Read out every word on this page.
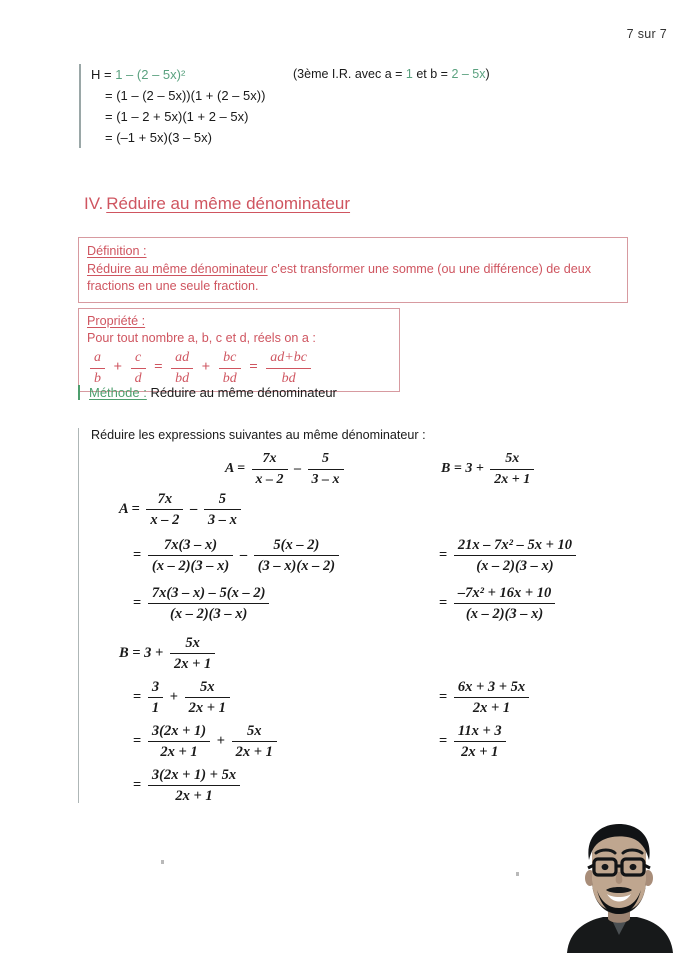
7 sur 7
H = 1 – (2 – 5x)²
= (1 – (2 – 5x))(1 + (2 – 5x))
= (1 – 2 + 5x)(1 + 2 – 5x)
= (–1 + 5x)(3 – 5x)
(3ème I.R. avec a = 1 et b = 2 – 5x)
IV. Réduire au même dénominateur
Définition :
Réduire au même dénominateur c'est transformer une somme (ou une différence) de deux fractions en une seule fraction.
Propriété :
Pour tout nombre a, b, c et d, réels on a :
$\frac{a}{b} + \frac{c}{d} = \frac{ad}{bd} + \frac{bc}{bd} = \frac{ad+bc}{bd}$
Méthode : Réduire au même dénominateur
Réduire les expressions suivantes au même dénominateur :
$A = \frac{7x}{x - 2} - \frac{5}{3 - x}$	$B = 3 + \frac{5x}{2x + 1}$
$A = \frac{7x}{x - 2} - \frac{5}{3 - x}$
= $\frac{7x(3 - x)}{(x - 2)(3 - x)} - \frac{5(x - 2)}{(3 - x)(x - 2)}$
= $\frac{7x(3 - x) - 5(x - 2)}{(x - 2)(3 - x)}$
= $\frac{\text{21x – 7x² – 5x + 10}}{(x - 2)(3 - x)}$
= $\frac{\text{–7x² + 16x + 10}}{(x - 2)(3 - x)}$
$B = 3 + \frac{5x}{2x + 1}$
= $\frac{3}{1} + \frac{5x}{2x + 1}$
= $\frac{3(2x + 1)}{2x + 1} + \frac{5x}{2x + 1}$
= $\frac{3(2x + 1) + 5x}{2x + 1}$
= $\frac{6x + 3 + 5x}{2x + 1}$
= $\frac{11x + 3}{2x + 1}$
